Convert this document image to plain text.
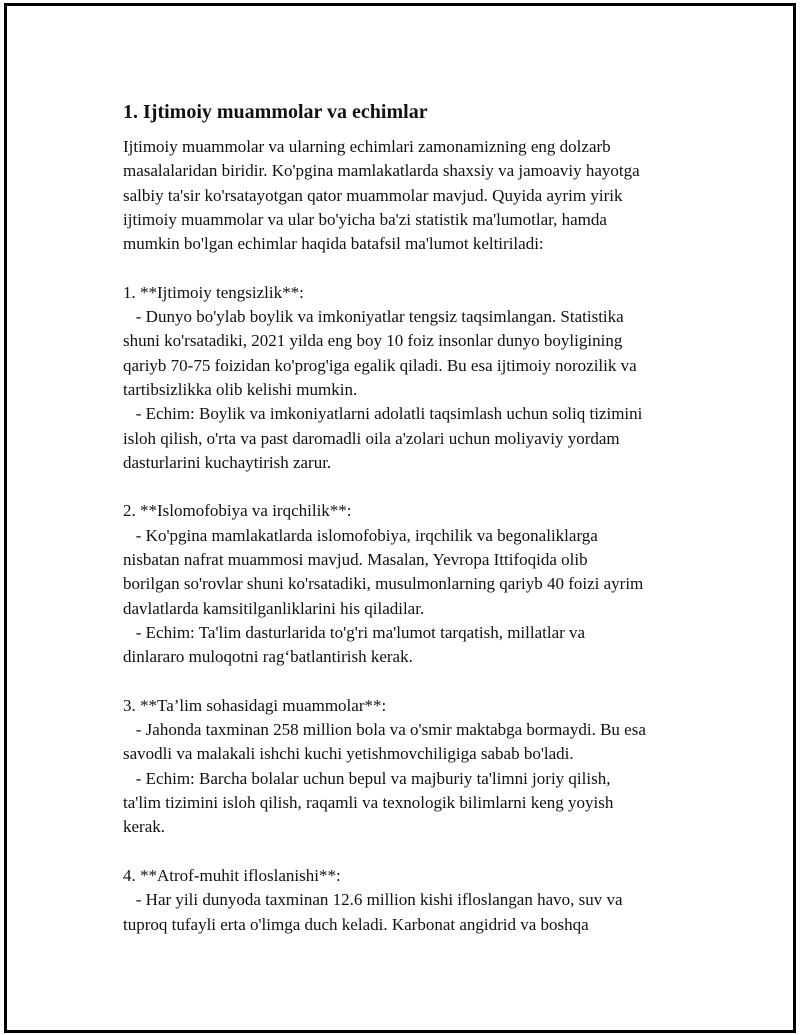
1. Ijtimoiy muammolar va echimlar
Ijtimoiy muammolar va ularning echimlari zamonamizning eng dolzarb
masalalaridan biridir. Ko'pgina mamlakatlarda shaxsiy va jamoaviy hayotga
salbiy ta'sir ko'rsatayotgan qator muammolar mavjud. Quyida ayrim yirik
ijtimoiy muammolar va ular bo'yicha ba'zi statistik ma'lumotlar, hamda
mumkin bo'lgan echimlar haqida batafsil ma'lumot keltiriladi:

1. **Ijtimoiy tengsizlik**:
- Dunyo bo'ylab boylik va imkoniyatlar tengsiz taqsimlangan. Statistika
shuni ko'rsatadiki, 2021 yilda eng boy 10 foiz insonlar dunyo boyligining
qariyb 70-75 foizidan ko'prog'iga egalik qiladi. Bu esa ijtimoiy norozilik va
tartibsizlikka olib kelishi mumkin.
- Echim: Boylik va imkoniyatlarni adolatli taqsimlash uchun soliq tizimini
isloh qilish, o'rta va past daromadli oila a'zolari uchun moliyaviy yordam
dasturlarini kuchaytirish zarur.

2. **Islomofobiya va irqchilik**:
- Ko'pgina mamlakatlarda islomofobiya, irqchilik va begonaliklarga
nisbatan nafrat muammosi mavjud. Masalan, Yevropa Ittifoqida olib
borilgan so'rovlar shuni ko'rsatadiki, musulmonlarning qariyb 40 foizi ayrim
davlatlarda kamsitilganliklarini his qiladilar.
- Echim: Ta'lim dasturlarida to'g'ri ma'lumot tarqatish, millatlar va
dinlararo muloqotni rag‘batlantirish kerak.

3. **Ta’lim sohasidagi muammolar**:
- Jahonda taxminan 258 million bola va o'smir maktabga bormaydi. Bu esa
savodli va malakali ishchi kuchi yetishmovchiligiga sabab bo'ladi.
- Echim: Barcha bolalar uchun bepul va majburiy ta'limni joriy qilish,
ta'lim tizimini isloh qilish, raqamli va texnologik bilimlarni keng yoyish
kerak.

4. **Atrof-muhit ifloslanishi**:
- Har yili dunyoda taxminan 12.6 million kishi ifloslangan havo, suv va
tuproq tufayli erta o'limga duch keladi. Karbonat angidrid va boshqa
